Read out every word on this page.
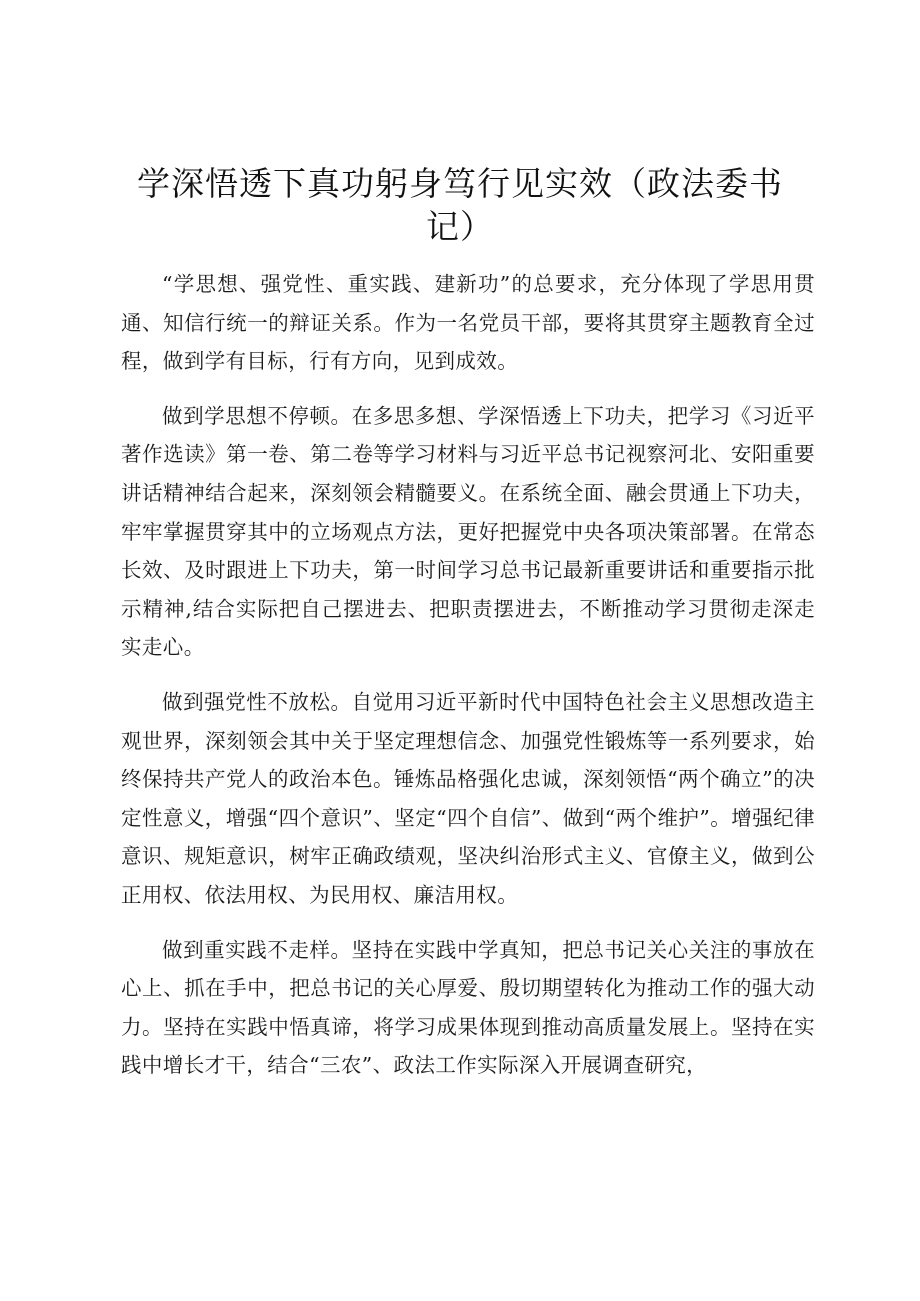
学深悟透下真功躬身笃行见实效（政法委书记）

“学思想、强党性、重实践、建新功”的总要求，充分体现了学思用贯通、知信行统一的辩证关系。作为一名党员干部，要将其贯穿主题教育全过程，做到学有目标，行有方向，见到成效。

做到学思想不停顿。在多思多想、学深悟透上下功夫，把学习《习近平著作选读》第一卷、第二卷等学习材料与习近平总书记视察河北、安阳重要讲话精神结合起来，深刻领会精髓要义。在系统全面、融会贯通上下功夫，牢牢掌握贯穿其中的立场观点方法，更好把握党中央各项决策部署。在常态长效、及时跟进上下功夫，第一时间学习总书记最新重要讲话和重要指示批示精神,结合实际把自己摆进去、把职责摆进去，不断推动学习贯彻走深走实走心。

做到强党性不放松。自觉用习近平新时代中国特色社会主义思想改造主观世界，深刻领会其中关于坚定理想信念、加强党性锻炼等一系列要求，始终保持共产党人的政治本色。锤炼品格强化忠诚，深刻领悟“两个确立”的决定性意义，增强“四个意识”、坚定“四个自信”、做到“两个维护”。增强纪律意识、规矩意识，树牢正确政绩观，坚决纠治形式主义、官僚主义，做到公正用权、依法用权、为民用权、廉洁用权。

做到重实践不走样。坚持在实践中学真知，把总书记关心关注的事放在心上、抓在手中，把总书记的关心厚爱、殷切期望转化为推动工作的强大动力。坚持在实践中悟真谛，将学习成果体现到推动高质量发展上。坚持在实践中增长才干，结合“三农”、政法工作实际深入开展调查研究，
